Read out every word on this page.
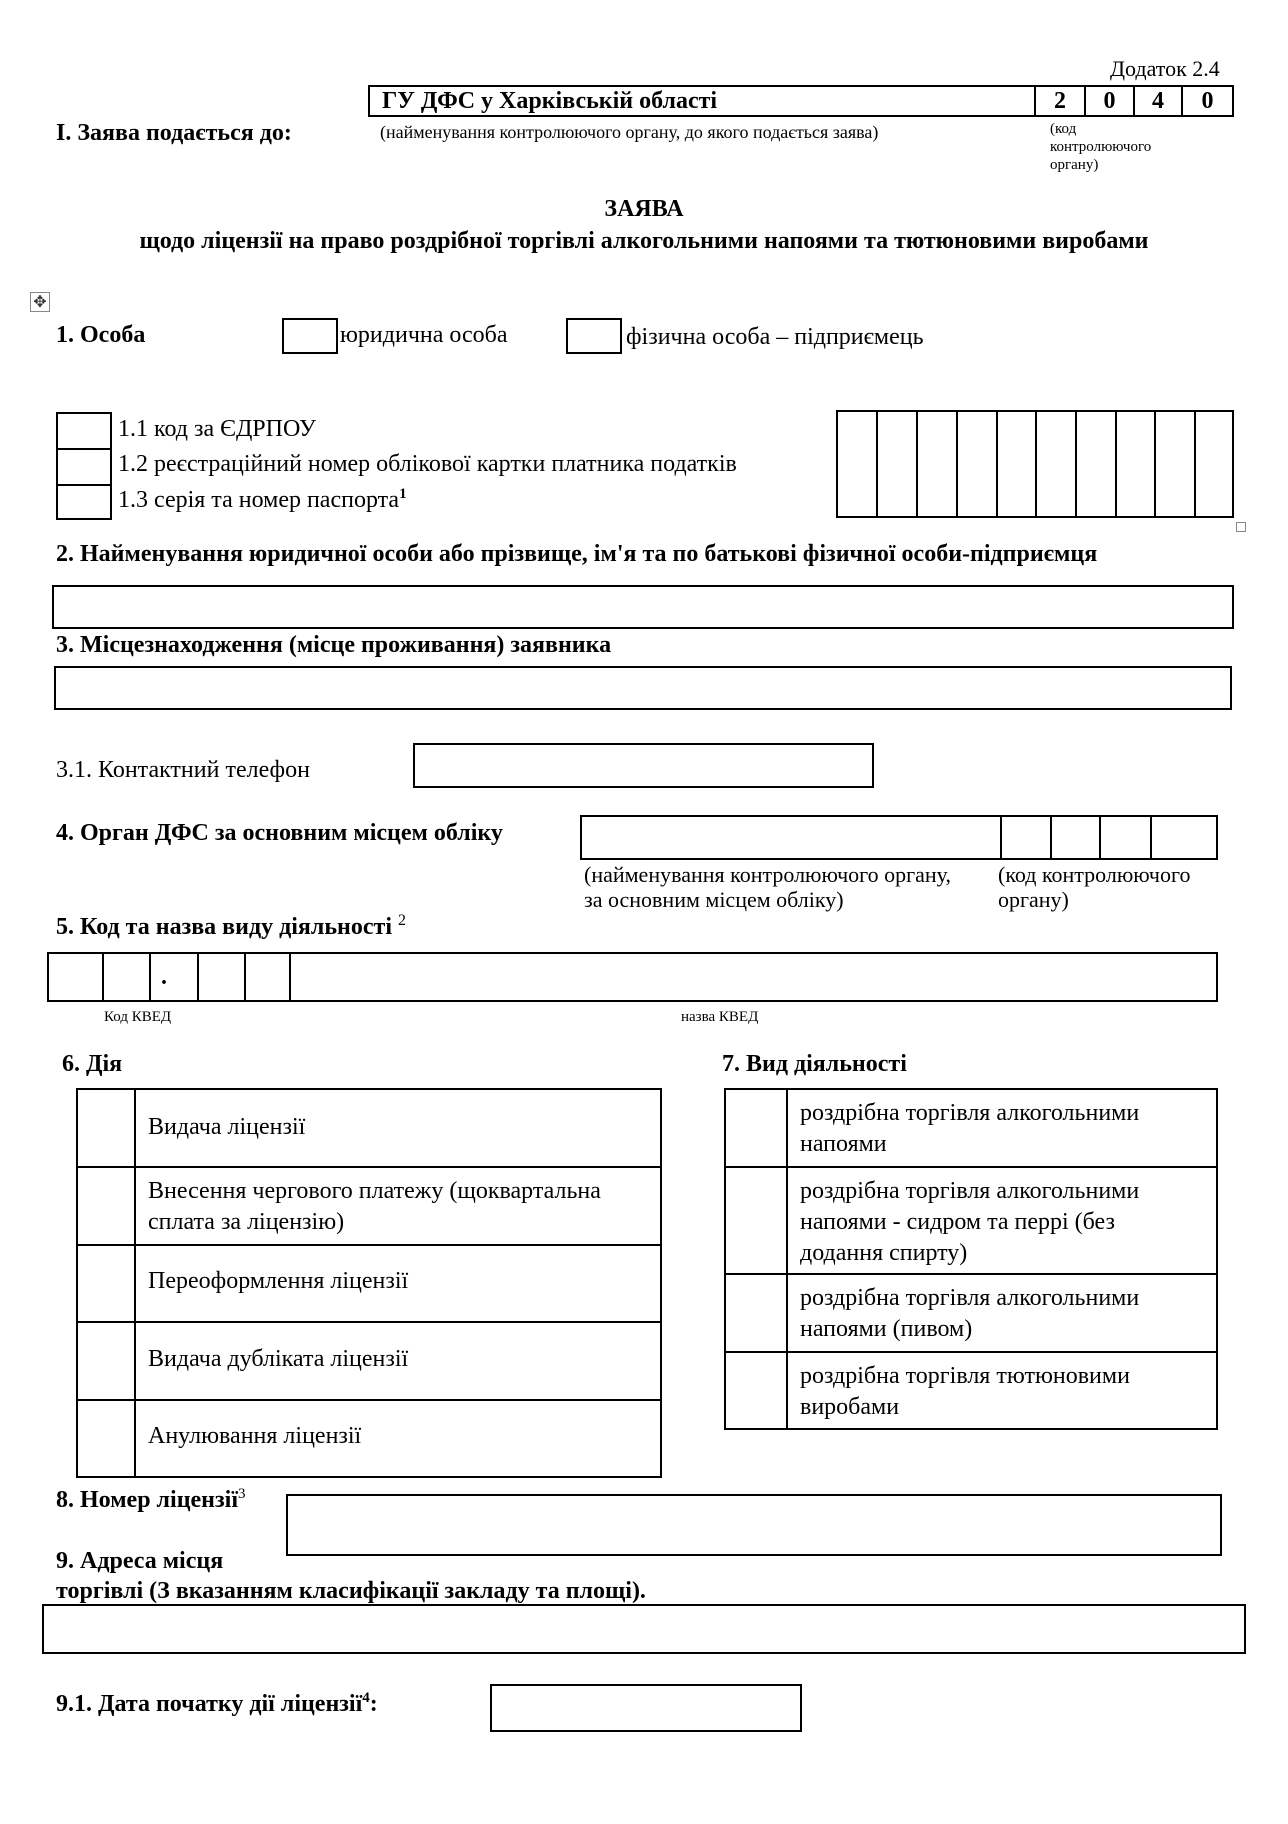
Додаток 2.4
I. Заява подається до:
ГУ ДФС у Харківській області	2	0	4	0
(найменування контролюючого органу, до якого подається заява)	(код
контролюючого
органу)
ЗАЯВА
щодо ліцензії на право роздрібної торгівлі алкогольними напоями та тютюновими виробами
✥
1. Особа	юридична особа	фізична особа – підприємець
1.1 код за ЄДРПОУ
1.2 реєстраційний номер облікової картки платника податків
1.3 серія та номер паспорта$^1$
2. Найменування юридичної особи або прізвище, ім'я та по батькові фізичної особи-підприємця
3. Місцезнаходження (місце проживання) заявника
3.1. Контактний телефон
4. Орган ДФС за основним місцем обліку
(найменування контролюючого органу,
за основним місцем обліку)
(код контролюючого
органу)
5. Код та назва виду діяльності $^2$
.
Код КВЕД	назва КВЕД
6. Дія
Видача ліцензії
Внесення чергового платежу (щоквартальна
сплата за ліцензію)
Переоформлення ліцензії
Видача дубліката ліцензії
Анулювання ліцензії
7. Вид діяльності
роздрібна торгівля алкогольними
напоями
роздрібна торгівля алкогольними
напоями - сидром та перрі (без
додання спирту)
роздрібна торгівля алкогольними
напоями (пивом)
роздрібна торгівля тютюновими
виробами
8. Номер ліцензії$^3$
9. Адреса місця
торгівлі (З вказанням класифікації закладу та площі).
9.1. Дата початку дії ліцензії$^4$:
